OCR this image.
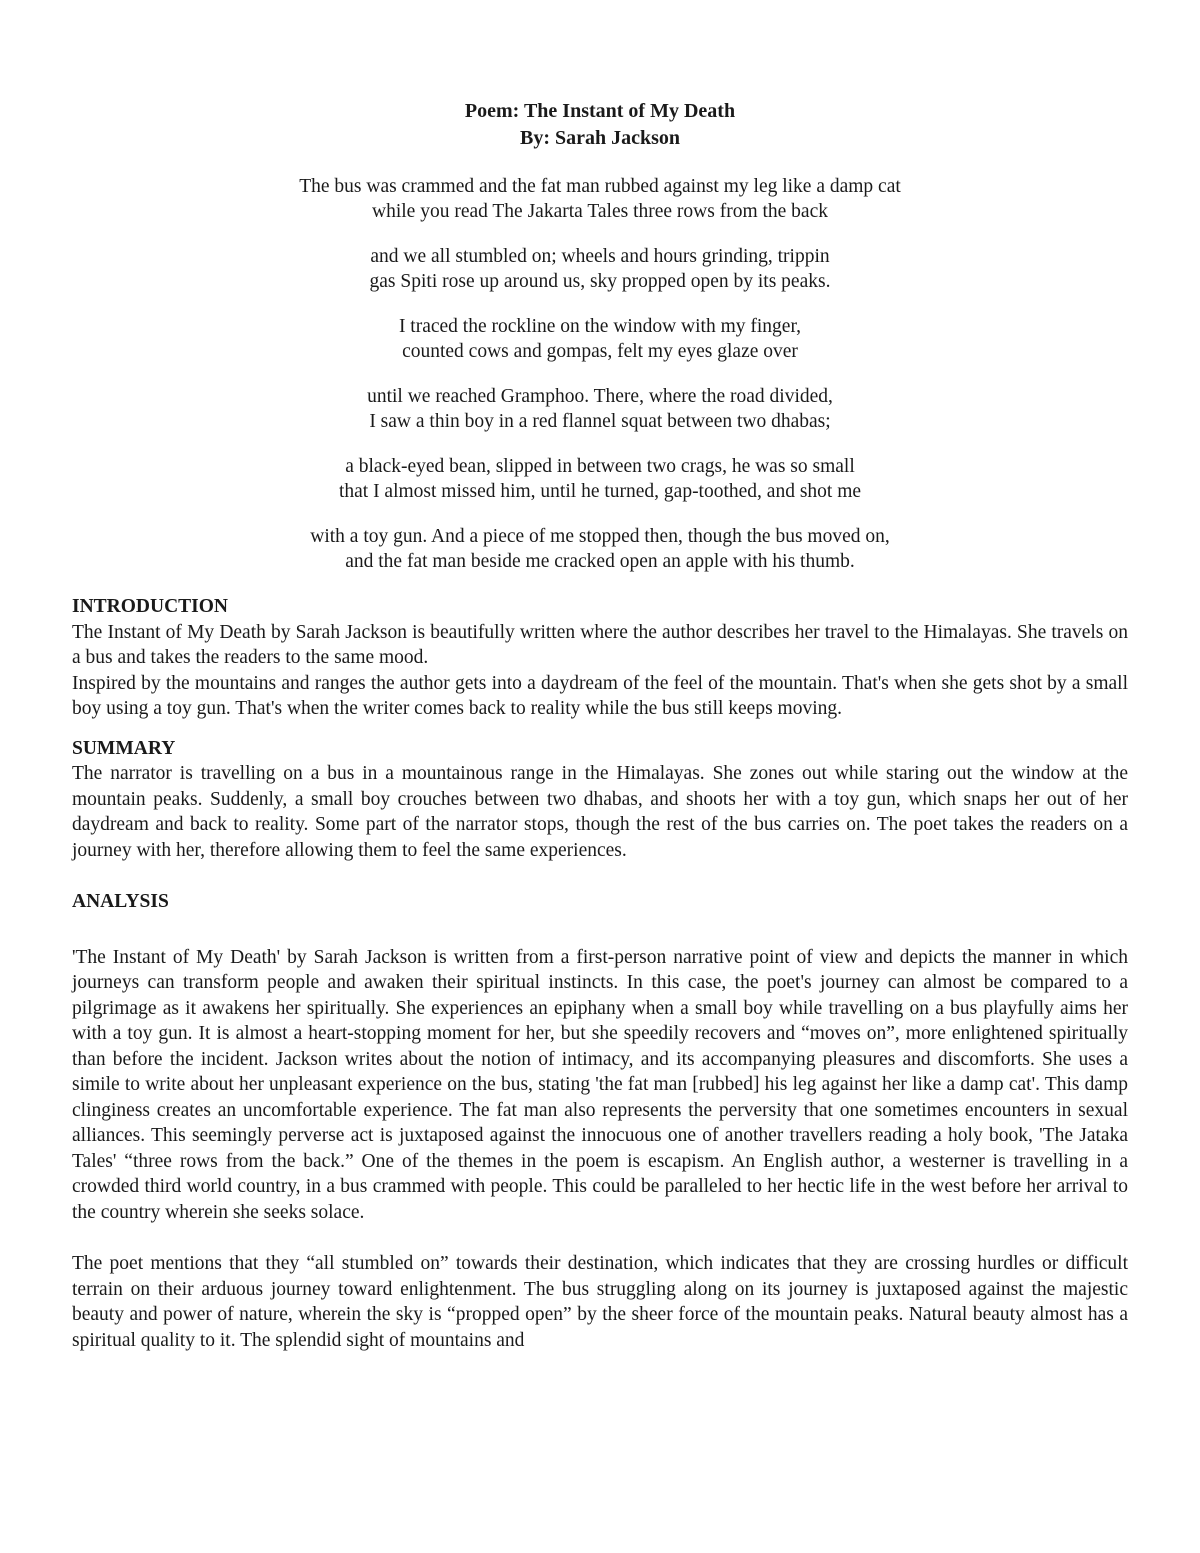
Poem: The Instant of My Death
By: Sarah Jackson
The bus was crammed and the fat man rubbed against my leg like a damp cat
while you read The Jakarta Tales three rows from the back
and we all stumbled on; wheels and hours grinding, trippin
gas Spiti rose up around us, sky propped open by its peaks.
I traced the rockline on the window with my finger,
counted cows and gompas, felt my eyes glaze over
until we reached Gramphoo. There, where the road divided,
I saw a thin boy in a red flannel squat between two dhabas;
a black-eyed bean, slipped in between two crags, he was so small
that I almost missed him, until he turned, gap-toothed, and shot me
with a toy gun. And a piece of me stopped then, though the bus moved on,
and the fat man beside me cracked open an apple with his thumb.
INTRODUCTION
The Instant of My Death by Sarah Jackson is beautifully written where the author describes her travel to the Himalayas. She travels on a bus and takes the readers to the same mood.
Inspired by the mountains and ranges the author gets into a daydream of the feel of the mountain. That's when she gets shot by a small boy using a toy gun. That's when the writer comes back to reality while the bus still keeps moving.
SUMMARY
The narrator is travelling on a bus in a mountainous range in the Himalayas. She zones out while staring out the window at the mountain peaks. Suddenly, a small boy crouches between two dhabas, and shoots her with a toy gun, which snaps her out of her daydream and back to reality. Some part of the narrator stops, though the rest of the bus carries on. The poet takes the readers on a journey with her, therefore allowing them to feel the same experiences.
ANALYSIS
'The Instant of My Death' by Sarah Jackson is written from a first-person narrative point of view and depicts the manner in which journeys can transform people and awaken their spiritual instincts. In this case, the poet's journey can almost be compared to a pilgrimage as it awakens her spiritually. She experiences an epiphany when a small boy while travelling on a bus playfully aims her with a toy gun. It is almost a heart-stopping moment for her, but she speedily recovers and “moves on”, more enlightened spiritually than before the incident. Jackson writes about the notion of intimacy, and its accompanying pleasures and discomforts. She uses a simile to write about her unpleasant experience on the bus, stating 'the fat man [rubbed] his leg against her like a damp cat'. This damp clinginess creates an uncomfortable experience. The fat man also represents the perversity that one sometimes encounters in sexual alliances. This seemingly perverse act is juxtaposed against the innocuous one of another travellers reading a holy book, 'The Jataka Tales' “three rows from the back.” One of the themes in the poem is escapism. An English author, a westerner is travelling in a crowded third world country, in a bus crammed with people. This could be paralleled to her hectic life in the west before her arrival to the country wherein she seeks solace.
The poet mentions that they “all stumbled on” towards their destination, which indicates that they are crossing hurdles or difficult terrain on their arduous journey toward enlightenment. The bus struggling along on its journey is juxtaposed against the majestic beauty and power of nature, wherein the sky is “propped open” by the sheer force of the mountain peaks. Natural beauty almost has a spiritual quality to it. The splendid sight of mountains and
